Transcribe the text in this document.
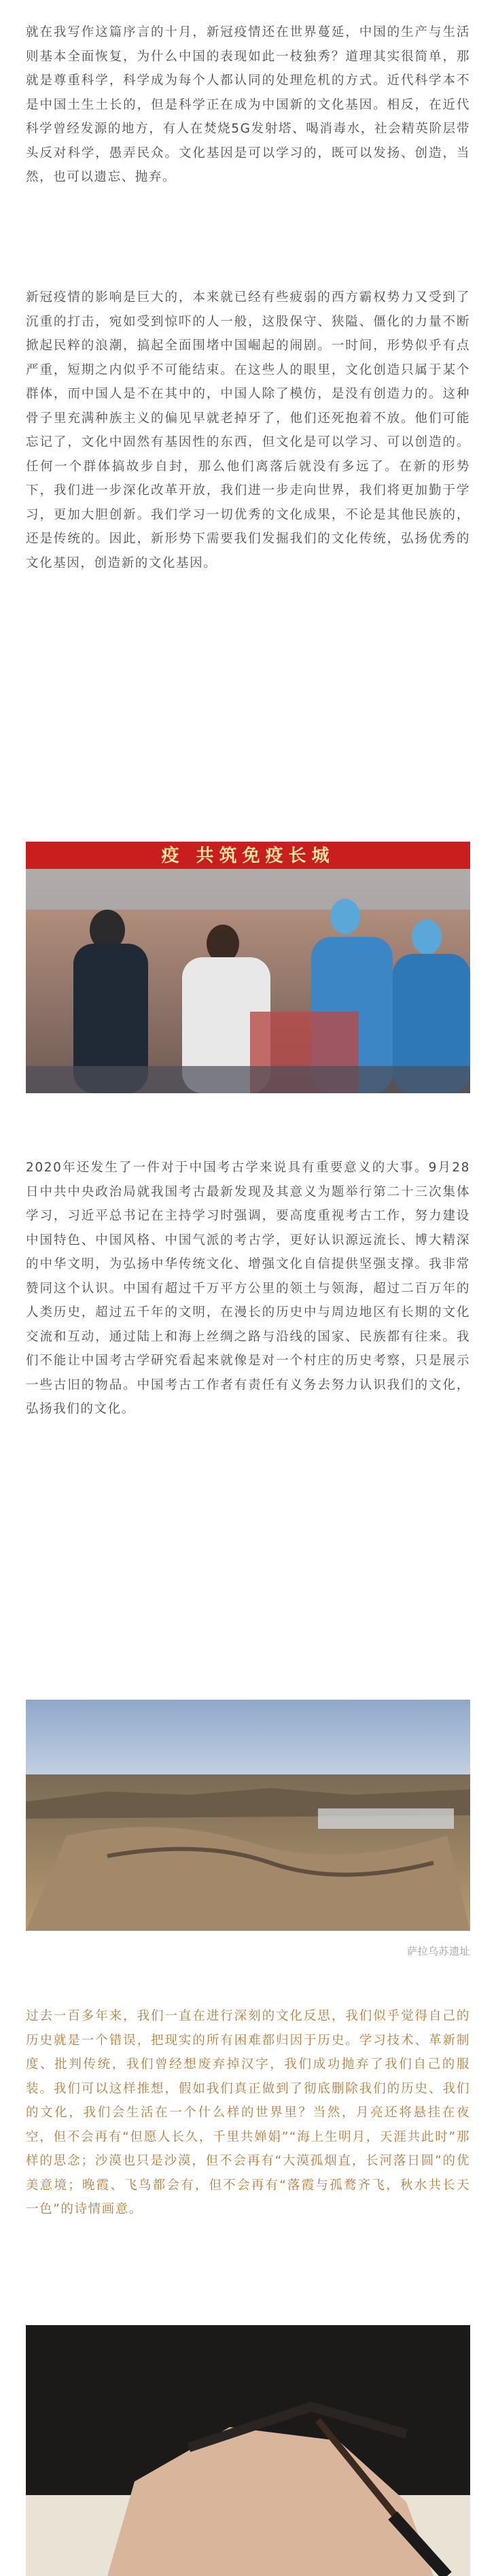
就在我写作这篇序言的十月，新冠疫情还在世界蔓延，中国的生产与生活则基本全面恢复，为什么中国的表现如此一枝独秀？道理其实很简单，那就是尊重科学，科学成为每个人都认同的处理危机的方式。近代科学本不是中国土生土长的，但是科学正在成为中国新的文化基因。相反，在近代科学曾经发源的地方，有人在焚烧5G发射塔、喝消毒水，社会精英阶层带头反对科学，愚弄民众。文化基因是可以学习的，既可以发扬、创造，当然，也可以遗忘、抛弃。

新冠疫情的影响是巨大的，本来就已经有些疲弱的西方霸权势力又受到了沉重的打击，宛如受到惊吓的人一般，这股保守、狭隘、僵化的力量不断掀起民粹的浪潮，搞起全面围堵中国崛起的闹剧。一时间，形势似乎有点严重，短期之内似乎不可能结束。在这些人的眼里，文化创造只属于某个群体，而中国人是不在其中的，中国人除了模仿，是没有创造力的。这种骨子里充满种族主义的偏见早就老掉牙了，他们还死抱着不放。他们可能忘记了，文化中固然有基因性的东西，但文化是可以学习、可以创造的。任何一个群体搞故步自封，那么他们离落后就没有多远了。在新的形势下，我们进一步深化改革开放，我们进一步走向世界，我们将更加勤于学习，更加大胆创新。我们学习一切优秀的文化成果，不论是其他民族的，还是传统的。因此，新形势下需要我们发掘我们的文化传统，弘扬优秀的文化基因，创造新的文化基因。

疫 共筑免疫长城

2020年还发生了一件对于中国考古学来说具有重要意义的大事。9月28日中共中央政治局就我国考古最新发现及其意义为题举行第二十三次集体学习，习近平总书记在主持学习时强调，要高度重视考古工作，努力建设中国特色、中国风格、中国气派的考古学，更好认识源远流长、博大精深的中华文明，为弘扬中华传统文化、增强文化自信提供坚强支撑。我非常赞同这个认识。中国有超过千万平方公里的领土与领海，超过二百万年的人类历史，超过五千年的文明，在漫长的历史中与周边地区有长期的文化交流和互动，通过陆上和海上丝绸之路与沿线的国家、民族都有往来。我们不能让中国考古学研究看起来就像是对一个村庄的历史考察，只是展示一些古旧的物品。中国考古工作者有责任有义务去努力认识我们的文化，弘扬我们的文化。

萨拉乌苏遗址

过去一百多年来，我们一直在进行深刻的文化反思，我们似乎觉得自己的历史就是一个错误，把现实的所有困难都归因于历史。学习技术、革新制度、批判传统，我们曾经想废弃掉汉字，我们成功抛弃了我们自己的服装。我们可以这样推想，假如我们真正做到了彻底删除我们的历史、我们的文化，我们会生活在一个什么样的世界里？当然，月亮还将悬挂在夜空，但不会再有“但愿人长久，千里共婵娟”“海上生明月，天涯共此时”那样的思念；沙漠也只是沙漠，但不会再有“大漠孤烟直，长河落日圆”的优美意境；晚霞、飞鸟都会有，但不会再有“落霞与孤鹜齐飞，秋水共长天一色”的诗情画意。
